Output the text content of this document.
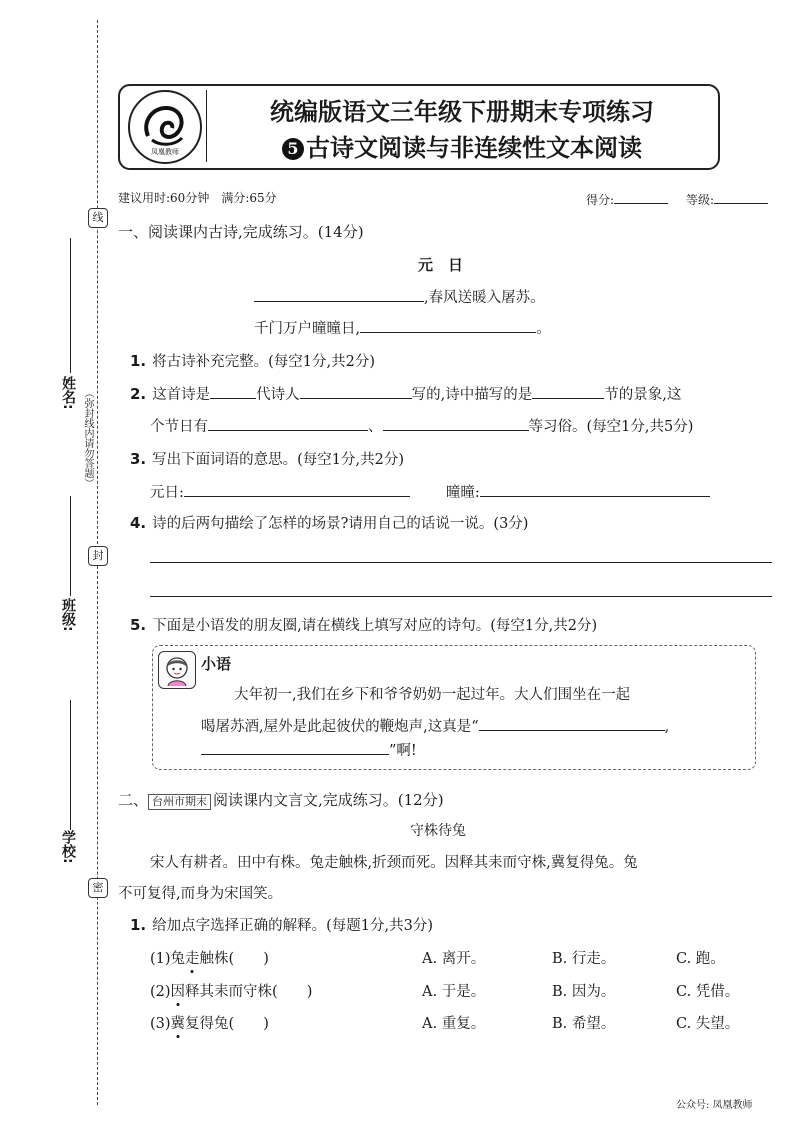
线
封
密
（弥封线内请勿答题）
姓名:
班级:
学校:
凤凰教师
统编版语文三年级下册期末专项练习
5 古诗文阅读与非连续性文本阅读
建议用时:60分钟　 满分:65分	得分:	等级:
一、阅读课内古诗,完成练习。(14分)
元　日
,春风送暖入屠苏。
千门万户曈曈日,	。
1. 将古诗补充完整。(每空1分,共2分)
2. 这首诗是	代诗人	写的,诗中描写的是	节的景象,这
个节日有	、	等习俗。(每空1分,共5分)
3. 写出下面词语的意思。(每空1分,共2分)
元日:	曈曈:
4. 诗的后两句描绘了怎样的场景?请用自己的话说一说。(3分)
5. 下面是小语发的朋友圈,请在横线上填写对应的诗句。(每空1分,共2分)
小语
大年初一,我们在乡下和爷爷奶奶一起过年。大人们围坐在一起
喝屠苏酒,屋外是此起彼伏的鞭炮声,这真是“	,
”啊!
二、 台州市期末 阅读课内文言文,完成练习。(12分)
守株待兔
宋人有耕者。田中有株。兔走触株,折颈而死。因释其耒而守株,冀复得兔。兔
不可复得,而身为宋国笑。
1. 给加点字选择正确的解释。(每题1分,共3分)
(1)兔走触株(　　)	A. 离开。	B. 行走。	C. 跑。
(2)因释其耒而守株(　　)	A. 于是。	B. 因为。	C. 凭借。
(3)冀复得兔(　　)	A. 重复。	B. 希望。	C. 失望。
公众号: 凤凰教师
